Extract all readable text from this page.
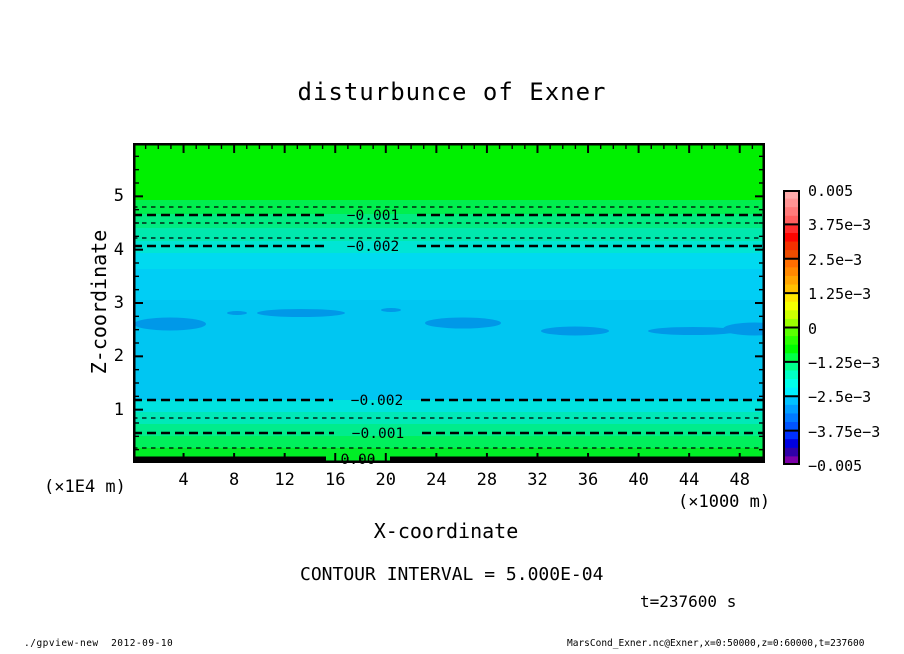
disturbunce of Exner
−0.001
−0.002
−0.002
−0.001
0.00
Z-coordinate
X-coordinate
(×1E4 m)
(×1000 m)
CONTOUR INTERVAL = 5.000E-04
t=237600 s
./gpview-new  2012-09-10	MarsCond_Exner.nc@Exner,x=0:50000,z=0:60000,t=237600
4	8	12	16	20	24	28	32	36	40	44	48
5
4
3
2
1
0.005
3.75e−3
2.5e−3
1.25e−3
0
−1.25e−3
−2.5e−3
−3.75e−3
−0.005
